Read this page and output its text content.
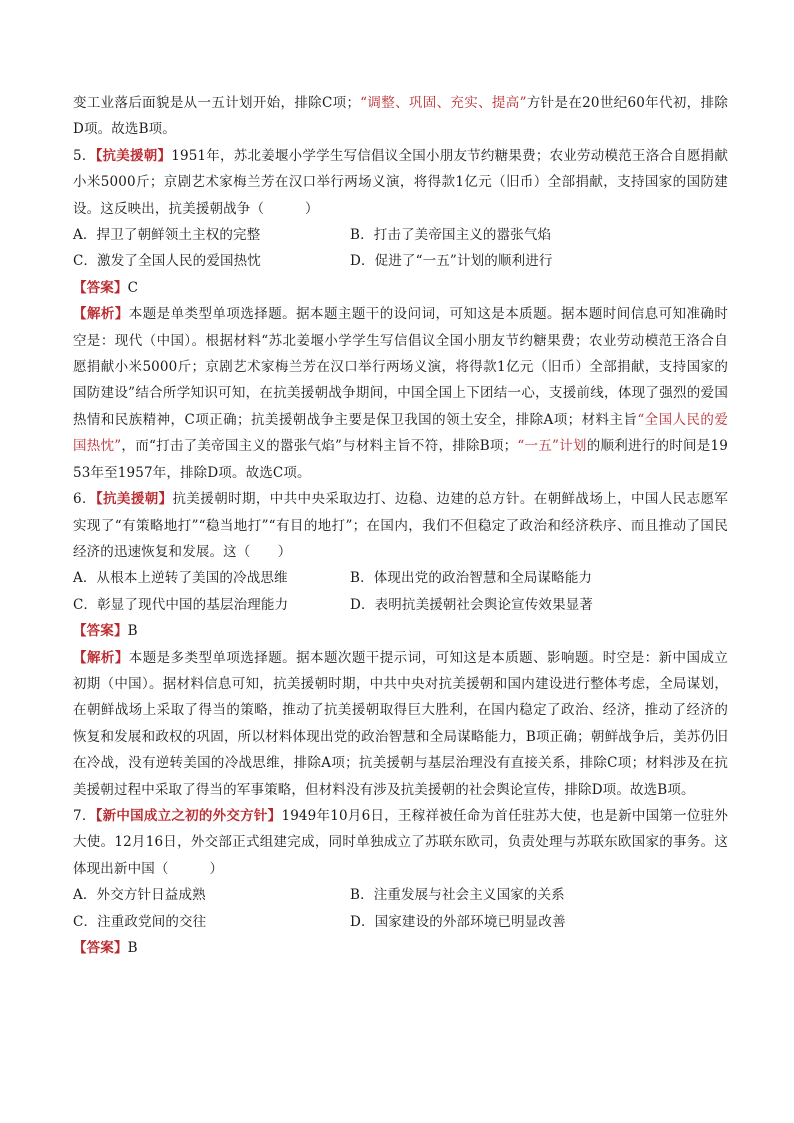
变工业落后面貌是从一五计划开始，排除C项；“调整、巩固、充实、提高”方针是在20世纪60年代初，排除D项。故选B项。

5．【抗美援朝】1951年，苏北姜堰小学学生写信倡议全国小朋友节约糖果费；农业劳动模范王洛合自愿捐献小米5000斤；京剧艺术家梅兰芳在汉口举行两场义演，将得款1亿元（旧币）全部捐献，支持国家的国防建设。这反映出，抗美援朝战争（　　　）

A．捍卫了朝鲜领土主权的完整	B．打击了美帝国主义的嚣张气焰
C．激发了全国人民的爱国热忱	D．促进了“一五”计划的顺利进行

【答案】C

【解析】本题是单类型单项选择题。据本题主题干的设问词，可知这是本质题。据本题时间信息可知准确时空是：现代（中国）。根据材料“苏北姜堰小学学生写信倡议全国小朋友节约糖果费；农业劳动模范王洛合自愿捐献小米5000斤；京剧艺术家梅兰芳在汉口举行两场义演，将得款1亿元（旧币）全部捐献，支持国家的国防建设”结合所学知识可知，在抗美援朝战争期间，中国全国上下团结一心，支援前线，体现了强烈的爱国热情和民族精神，C项正确；抗美援朝战争主要是保卫我国的领土安全，排除A项；材料主旨“全国人民的爱国热忱”，而“打击了美帝国主义的嚣张气焰”与材料主旨不符，排除B项；“一五”计划的顺利进行的时间是1953年至1957年，排除D项。故选C项。

6．【抗美援朝】抗美援朝时期，中共中央采取边打、边稳、边建的总方针。在朝鲜战场上，中国人民志愿军实现了“有策略地打”“稳当地打”“有目的地打”；在国内，我们不但稳定了政治和经济秩序、而且推动了国民经济的迅速恢复和发展。这（　　）

A．从根本上逆转了美国的冷战思维	B．体现出党的政治智慧和全局谋略能力
C．彰显了现代中国的基层治理能力	D．表明抗美援朝社会舆论宣传效果显著

【答案】B

【解析】本题是多类型单项选择题。据本题次题干提示词，可知这是本质题、影响题。时空是：新中国成立初期（中国）。据材料信息可知，抗美援朝时期，中共中央对抗美援朝和国内建设进行整体考虑，全局谋划，在朝鲜战场上采取了得当的策略，推动了抗美援朝取得巨大胜利，在国内稳定了政治、经济，推动了经济的恢复和发展和政权的巩固，所以材料体现出党的政治智慧和全局谋略能力，B项正确；朝鲜战争后，美苏仍旧在冷战，没有逆转美国的冷战思维，排除A项；抗美援朝与基层治理没有直接关系，排除C项；材料涉及在抗美援朝过程中采取了得当的军事策略，但材料没有涉及抗美援朝的社会舆论宣传，排除D项。故选B项。

7．【新中国成立之初的外交方针】1949年10月6日，王稼祥被任命为首任驻苏大使，也是新中国第一位驻外大使。12月16日，外交部正式组建完成，同时单独成立了苏联东欧司，负责处理与苏联东欧国家的事务。这体现出新中国（　　　）

A．外交方针日益成熟	B．注重发展与社会主义国家的关系
C．注重政党间的交往	D．国家建设的外部环境已明显改善

【答案】B
